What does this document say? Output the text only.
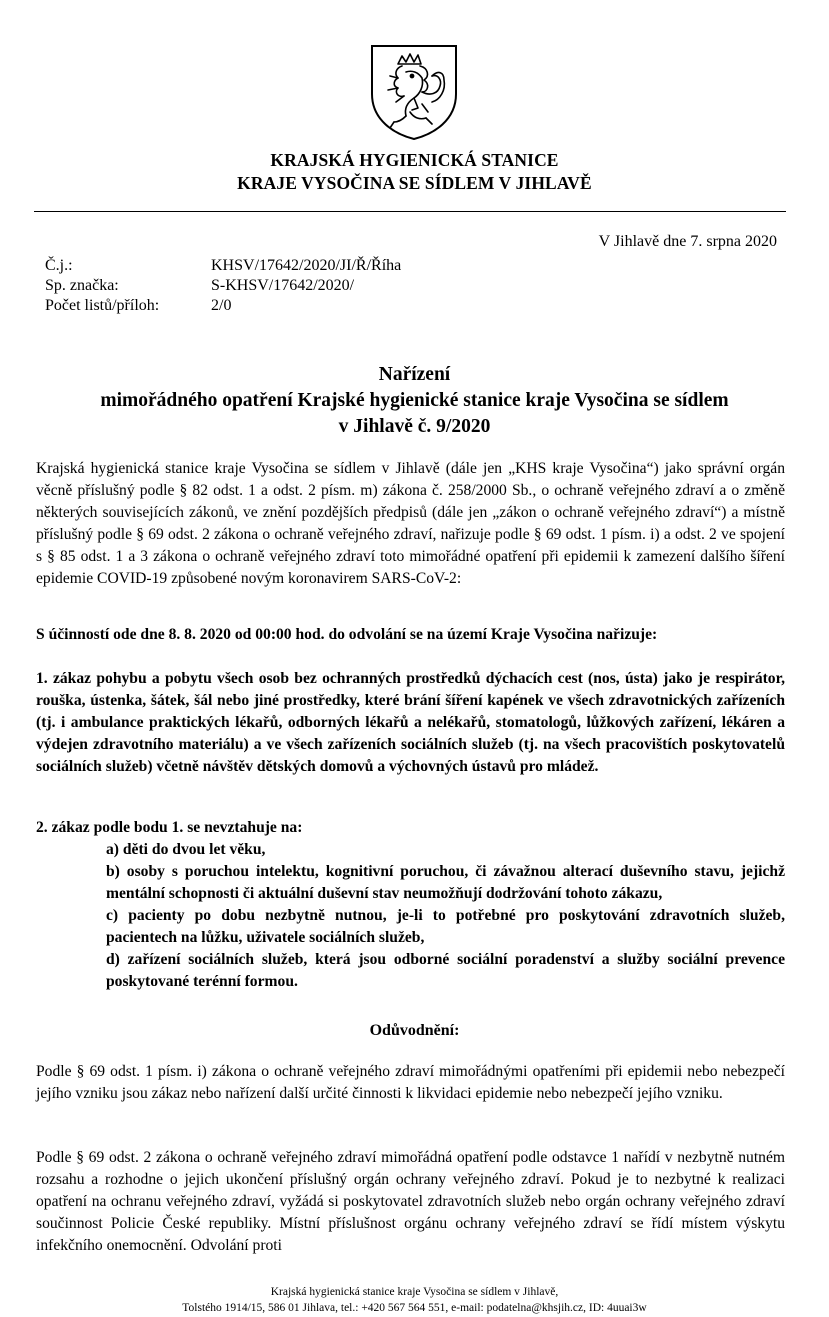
KRAJSKÁ HYGIENICKÁ STANICE
KRAJE VYSOČINA SE SÍDLEM V JIHLAVĚ
V Jihlavě dne 7. srpna 2020
Č.j.:	KHSV/17642/2020/JI/Ř/Říha
Sp. značka:	S-KHSV/17642/2020/
Počet listů/příloh:	2/0
Nařízení
mimořádného opatření Krajské hygienické stanice kraje Vysočina se sídlem
v Jihlavě č. 9/2020
Krajská hygienická stanice kraje Vysočina se sídlem v Jihlavě (dále jen „KHS kraje Vysočina“) jako správní orgán věcně příslušný podle § 82 odst. 1 a odst. 2 písm. m) zákona č. 258/2000 Sb., o ochraně veřejného zdraví a o změně některých souvisejících zákonů, ve znění pozdějších předpisů (dále jen „zákon o ochraně veřejného zdraví“) a místně příslušný podle § 69 odst. 2 zákona o ochraně veřejného zdraví, nařizuje podle § 69 odst. 1 písm. i) a odst. 2 ve spojení s § 85 odst. 1 a 3 zákona o ochraně veřejného zdraví toto mimořádné opatření při epidemii k zamezení dalšího šíření epidemie COVID-19 způsobené novým koronavirem SARS-CoV-2:
S účinností ode dne 8. 8. 2020 od 00:00 hod. do odvolání se na území Kraje Vysočina nařizuje:
1. zákaz pohybu a pobytu všech osob bez ochranných prostředků dýchacích cest (nos, ústa) jako je respirátor, rouška, ústenka, šátek, šál nebo jiné prostředky, které brání šíření kapének ve všech zdravotnických zařízeních (tj. i ambulance praktických lékařů, odborných lékařů a nelékařů, stomatologů, lůžkových zařízení, lékáren a výdejen zdravotního materiálu) a ve všech zařízeních sociálních služeb (tj. na všech pracovištích poskytovatelů sociálních služeb) včetně návštěv dětských domovů a výchovných ústavů pro mládež.
2. zákaz podle bodu 1. se nevztahuje na:

a) děti do dvou let věku,

b) osoby s poruchou intelektu, kognitivní poruchou, či závažnou alterací duševního stavu, jejichž mentální schopnosti či aktuální duševní stav neumožňují dodržování tohoto zákazu,

c) pacienty po dobu nezbytně nutnou, je-li to potřebné pro poskytování zdravotních služeb, pacientech na lůžku, uživatele sociálních služeb,

d) zařízení sociálních služeb, která jsou odborné sociální poradenství a služby sociální prevence poskytované terénní formou.

Odůvodnění:
Podle § 69 odst. 1 písm. i) zákona o ochraně veřejného zdraví mimořádnými opatřeními při epidemii nebo nebezpečí jejího vzniku jsou zákaz nebo nařízení další určité činnosti k likvidaci epidemie nebo nebezpečí jejího vzniku.
Podle § 69 odst. 2 zákona o ochraně veřejného zdraví mimořádná opatření podle odstavce 1 nařídí v nezbytně nutném rozsahu a rozhodne o jejich ukončení příslušný orgán ochrany veřejného zdraví. Pokud je to nezbytné k realizaci opatření na ochranu veřejného zdraví, vyžádá si poskytovatel zdravotních služeb nebo orgán ochrany veřejného zdraví součinnost Policie České republiky. Místní příslušnost orgánu ochrany veřejného zdraví se řídí místem výskytu infekčního onemocnění. Odvolání proti
Krajská hygienická stanice kraje Vysočina se sídlem v Jihlavě,
Tolstého 1914/15, 586 01 Jihlava, tel.: +420 567 564 551, e-mail: podatelna@khsjih.cz, ID: 4uuai3w
